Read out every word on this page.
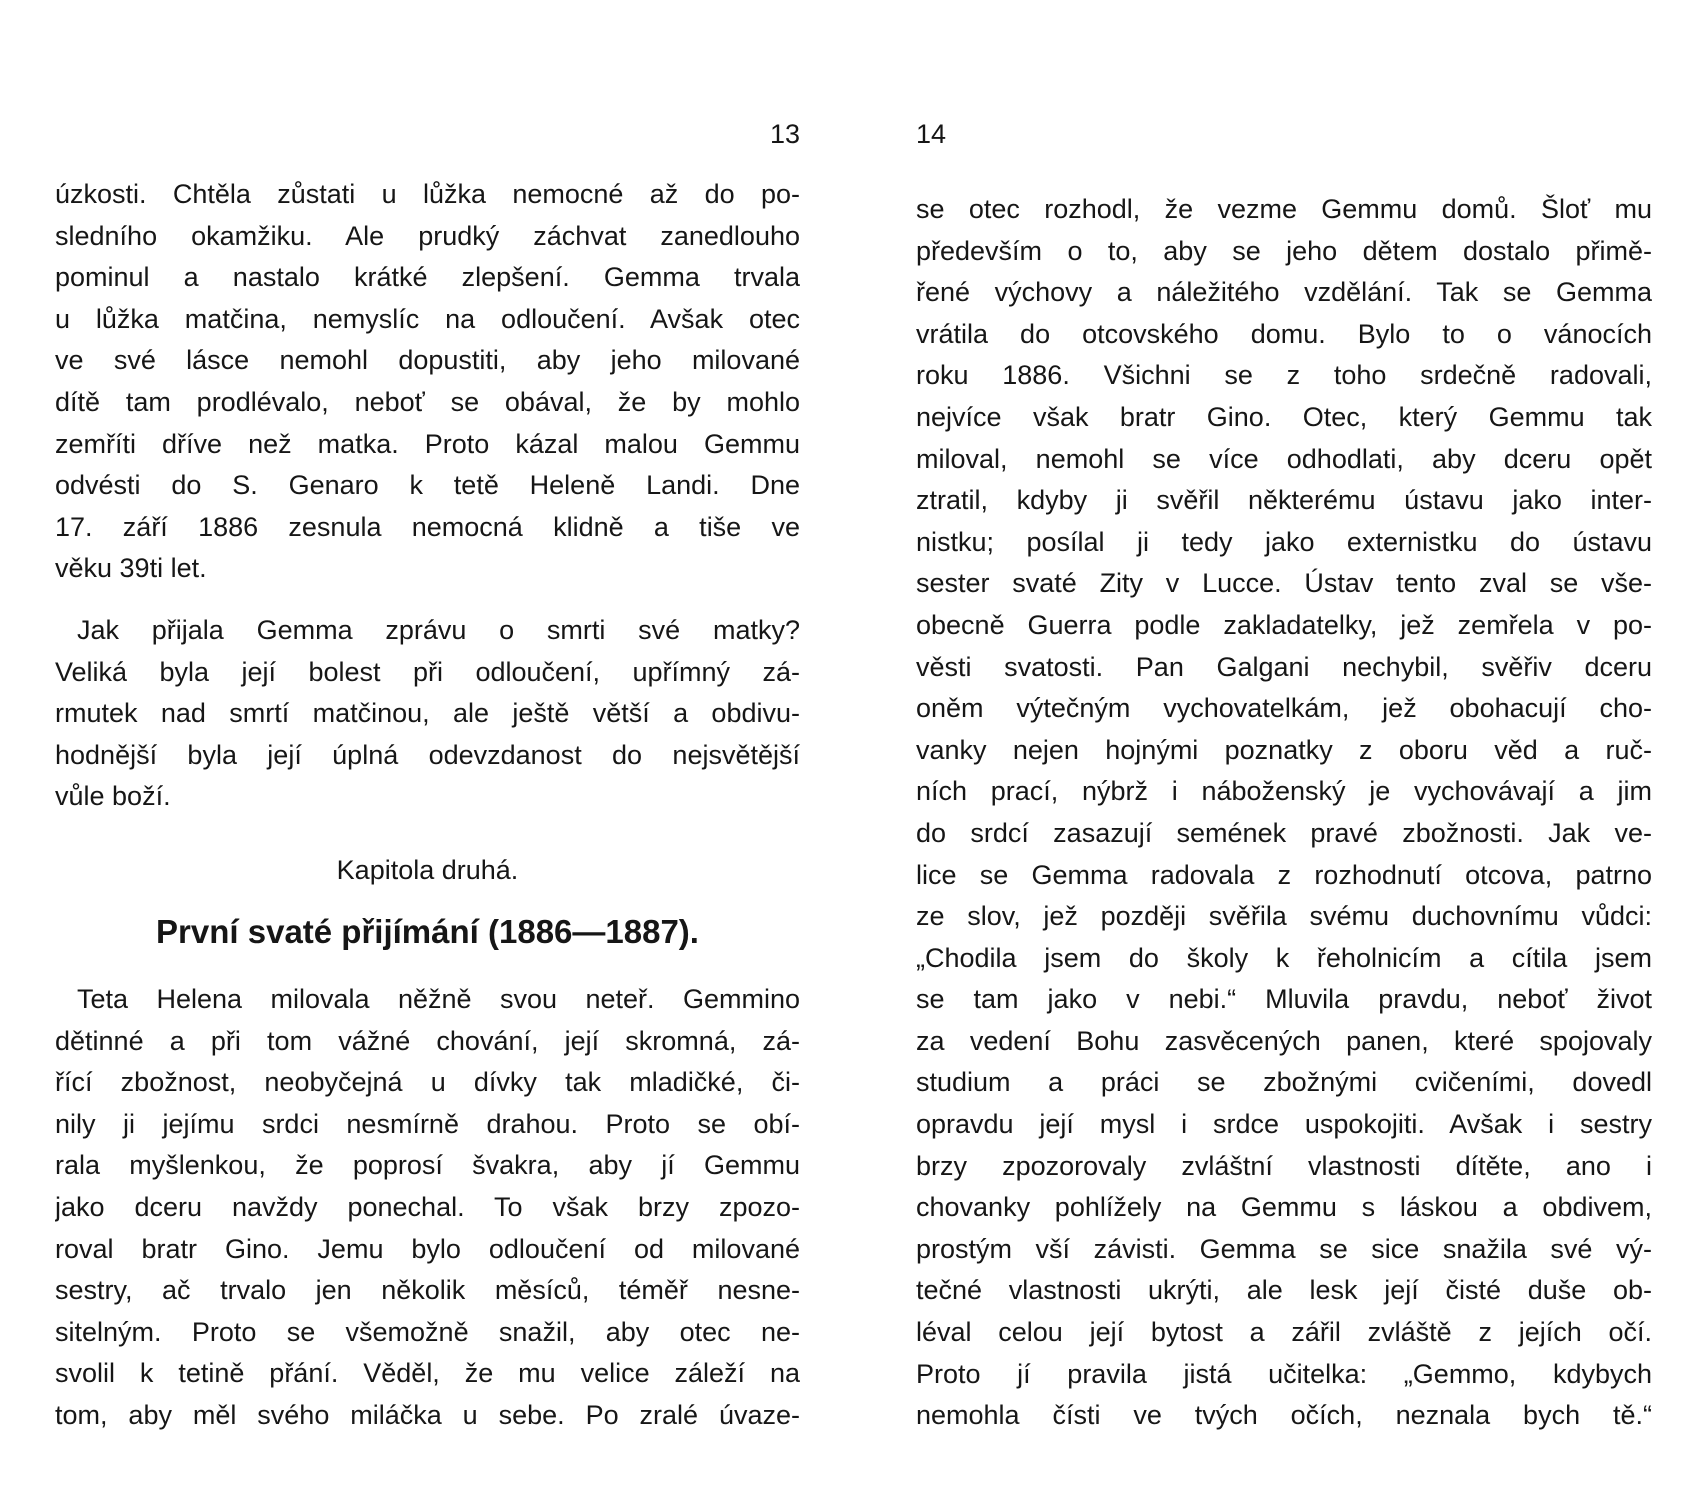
13
úzkosti. Chtěla zůstati u lůžka nemocné až do po-
sledního okamžiku. Ale prudký záchvat zanedlouho
pominul a nastalo krátké zlepšení. Gemma trvala
u lůžka matčina, nemyslíc na odloučení. Avšak otec
ve své lásce nemohl dopustiti, aby jeho milované
dítě tam prodlévalo, neboť se obával, že by mohlo
zemříti dříve než matka. Proto kázal malou Gemmu
odvésti do S. Genaro k tetě Heleně Landi. Dne
17. září 1886 zesnula nemocná klidně a tiše ve
věku 39ti let.
Jak přijala Gemma zprávu o smrti své matky?
Veliká byla její bolest při odloučení, upřímný zá-
rmutek nad smrtí matčinou, ale ještě větší a obdivu-
hodnější byla její úplná odevzdanost do nejsvětější
vůle boží.
Kapitola druhá.
První svaté přijímání (1886—1887).
Teta Helena milovala něžně svou neteř. Gemmino
dětinné a při tom vážné chování, její skromná, zá-
řící zbožnost, neobyčejná u dívky tak mladičké, či-
nily ji jejímu srdci nesmírně drahou. Proto se obí-
rala myšlenkou, že poprosí švakra, aby jí Gemmu
jako dceru navždy ponechal. To však brzy zpozo-
roval bratr Gino. Jemu bylo odloučení od milované
sestry, ač trvalo jen několik měsíců, téměř nesne-
sitelným. Proto se všemožně snažil, aby otec ne-
svolil k tetině přání. Věděl, že mu velice záleží na
tom, aby měl svého miláčka u sebe. Po zralé úvaze-
14
se otec rozhodl, že vezme Gemmu domů. Šloť mu
především o to, aby se jeho dětem dostalo přimě-
řené výchovy a náležitého vzdělání. Tak se Gemma
vrátila do otcovského domu. Bylo to o vánocích
roku 1886. Všichni se z toho srdečně radovali,
nejvíce však bratr Gino. Otec, který Gemmu tak
miloval, nemohl se více odhodlati, aby dceru opět
ztratil, kdyby ji svěřil některému ústavu jako inter-
nistku; posílal ji tedy jako externistku do ústavu
sester svaté Zity v Lucce. Ústav tento zval se vše-
obecně Guerra podle zakladatelky, jež zemřela v po-
věsti svatosti. Pan Galgani nechybil, svěřiv dceru
oněm výtečným vychovatelkám, jež obohacují cho-
vanky nejen hojnými poznatky z oboru věd a ruč-
ních prací, nýbrž i náboženský je vychovávají a jim
do srdcí zasazují semének pravé zbožnosti. Jak ve-
lice se Gemma radovala z rozhodnutí otcova, patrno
ze slov, jež později svěřila svému duchovnímu vůdci:
„Chodila jsem do školy k řeholnicím a cítila jsem
se tam jako v nebi.“ Mluvila pravdu, neboť život
za vedení Bohu zasvěcených panen, které spojovaly
studium a práci se zbožnými cvičeními, dovedl
opravdu její mysl i srdce uspokojiti. Avšak i sestry
brzy zpozorovaly zvláštní vlastnosti dítěte, ano i
chovanky pohlížely na Gemmu s láskou a obdivem,
prostým vší závisti. Gemma se sice snažila své vý-
tečné vlastnosti ukrýti, ale lesk její čisté duše ob-
léval celou její bytost a zářil zvláště z jejích očí.
Proto jí pravila jistá učitelka: „Gemmo, kdybych
nemohla čísti ve tvých očích, neznala bych tě.“
